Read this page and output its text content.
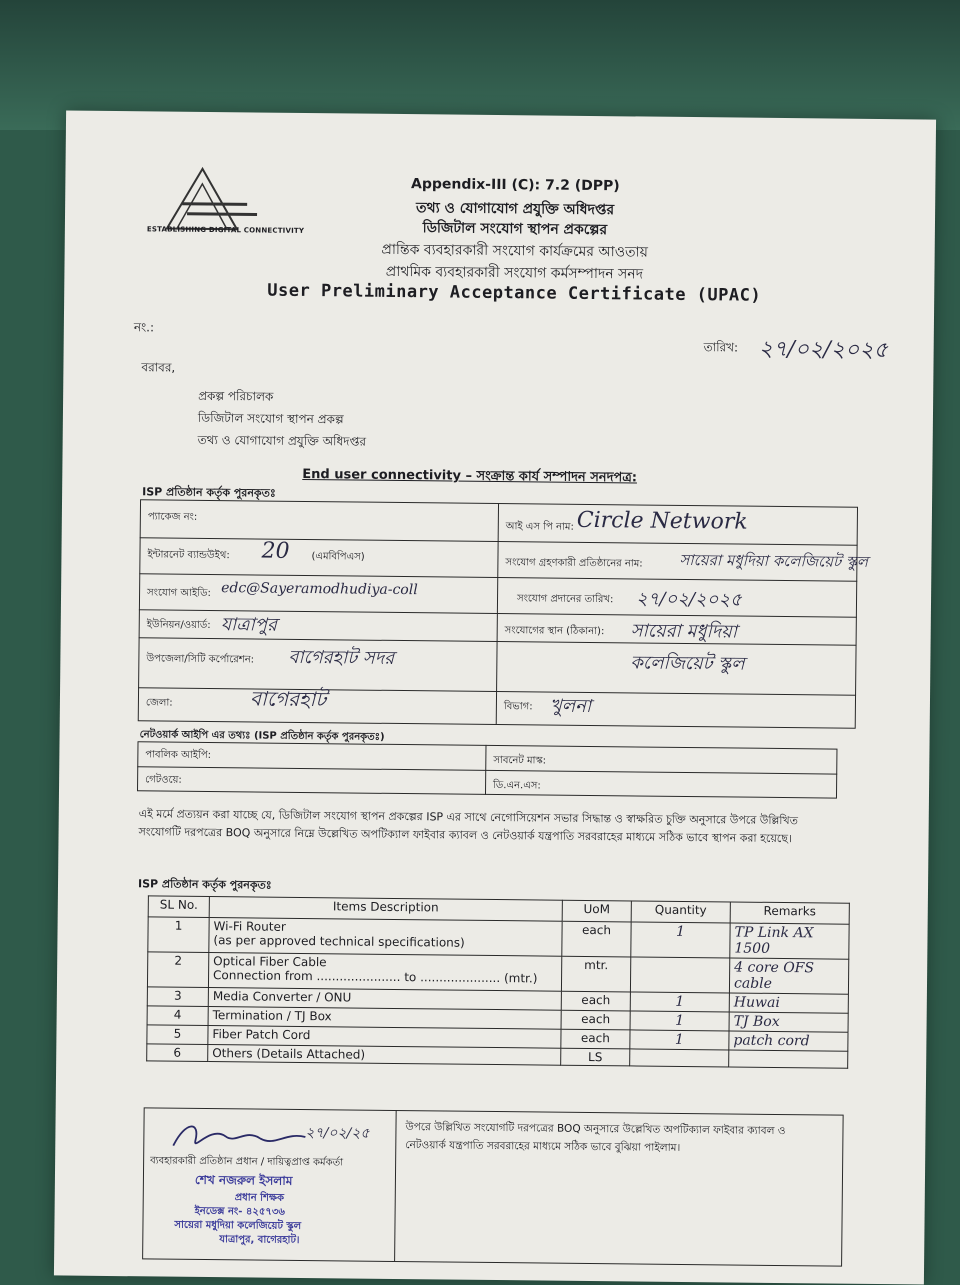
ESTABLISHING DIGITAL CONNECTIVITY
Appendix-III (C): 7.2 (DPP)
তথ্য ও যোগাযোগ প্রযুক্তি অধিদপ্তর
ডিজিটাল সংযোগ স্থাপন প্রকল্পের
প্রান্তিক ব্যবহারকারী সংযোগ কার্যক্রমের আওতায়
প্রাথমিক ব্যবহারকারী সংযোগ কর্মসম্পাদন সনদ
User Preliminary Acceptance Certificate (UPAC)
নং.:
তারিখ: ২৭/০২/২০২৫
বরাবর,
প্রকল্প পরিচালক
ডিজিটাল সংযোগ স্থাপন প্রকল্প
তথ্য ও যোগাযোগ প্রযুক্তি অধিদপ্তর
End user connectivity – সংক্রান্ত কার্য সম্পাদন সনদপত্র:
ISP প্রতিষ্ঠান কর্তৃক পুরনকৃতঃ
প্যাকেজ নং:
আই এস পি নাম: Circle Network
ইন্টারনেট ব্যান্ডউইথ: 20 (এমবিপিএস)
সংযোগ গ্রহণকারী প্রতিষ্ঠানের নাম: সায়েরা মধুদিয়া কলেজিয়েট স্কুল
সংযোগ আইডি: edc@Sayeramodhudiya-coll
সংযোগ প্রদানের তারিখ: ২৭/০২/২০২৫
ইউনিয়ন/ওয়ার্ড: যাত্রাপুর	সংযোগের স্থান (ঠিকানা): সায়েরা মধুদিয়া
কলেজিয়েট স্কুল
উপজেলা/সিটি কর্পোরেশন: বাগেরহাট সদর
জেলা:	বাগেরহাট	বিভাগ: খুলনা
নেটওয়ার্ক আইপি এর তথ্যঃ (ISP প্রতিষ্ঠান কর্তৃক পুরনকৃতঃ)
পাবলিক আইপি:	সাবনেট মাস্ক:
গেটওয়ে:	ডি.এন.এস:
এই মর্মে প্রত্যয়ন করা যাচ্ছে যে, ডিজিটাল সংযোগ স্থাপন প্রকল্পের ISP এর সাথে নেগোসিয়েশন সভার সিদ্ধান্ত ও স্বাক্ষরিত চুক্তি অনুসারে উপরে উল্লিখিত সংযোগটি দরপত্রের BOQ অনুসারে নিম্নে উল্লেখিত অপটিক্যাল ফাইবার ক্যাবল ও নেটওয়ার্ক যন্ত্রপাতি সরবরাহের মাধ্যমে সঠিক ভাবে স্থাপন করা হয়েছে।
ISP প্রতিষ্ঠান কর্তৃক পুরনকৃতঃ
SL No.	Items Description	UoM	Quantity	Remarks
1	Wi-Fi Router
(as per approved technical specifications)	each	1	TP Link AX 1500
2	Optical Fiber Cable
Connection from ...................... to ..................... (mtr.)	mtr.		4 core OFS cable
3	Media Converter / ONU	each	1	Huwai
4	Termination / TJ Box	each	1	TJ Box
5	Fiber Patch Cord	each	1	patch cord
6	Others (Details Attached)	LS		
২৭/০২/২৫
ব্যবহারকারী প্রতিষ্ঠান প্রধান / দায়িত্বপ্রাপ্ত কর্মকর্তা
শেখ নজরুল ইসলাম
প্রধান শিক্ষক
ইনডেক্স নং- ৪২৫৭৩৬
সায়েরা মধুদিয়া কলেজিয়েট স্কুল
যাত্রাপুর, বাগেরহাট।
উপরে উল্লিখিত সংযোগটি দরপত্রের BOQ অনুসারে উল্লেখিত অপটিক্যাল ফাইবার ক্যাবল ও নেটওয়ার্ক যন্ত্রপাতি সরবরাহের মাধ্যমে সঠিক ভাবে বুঝিয়া পাইলাম।
